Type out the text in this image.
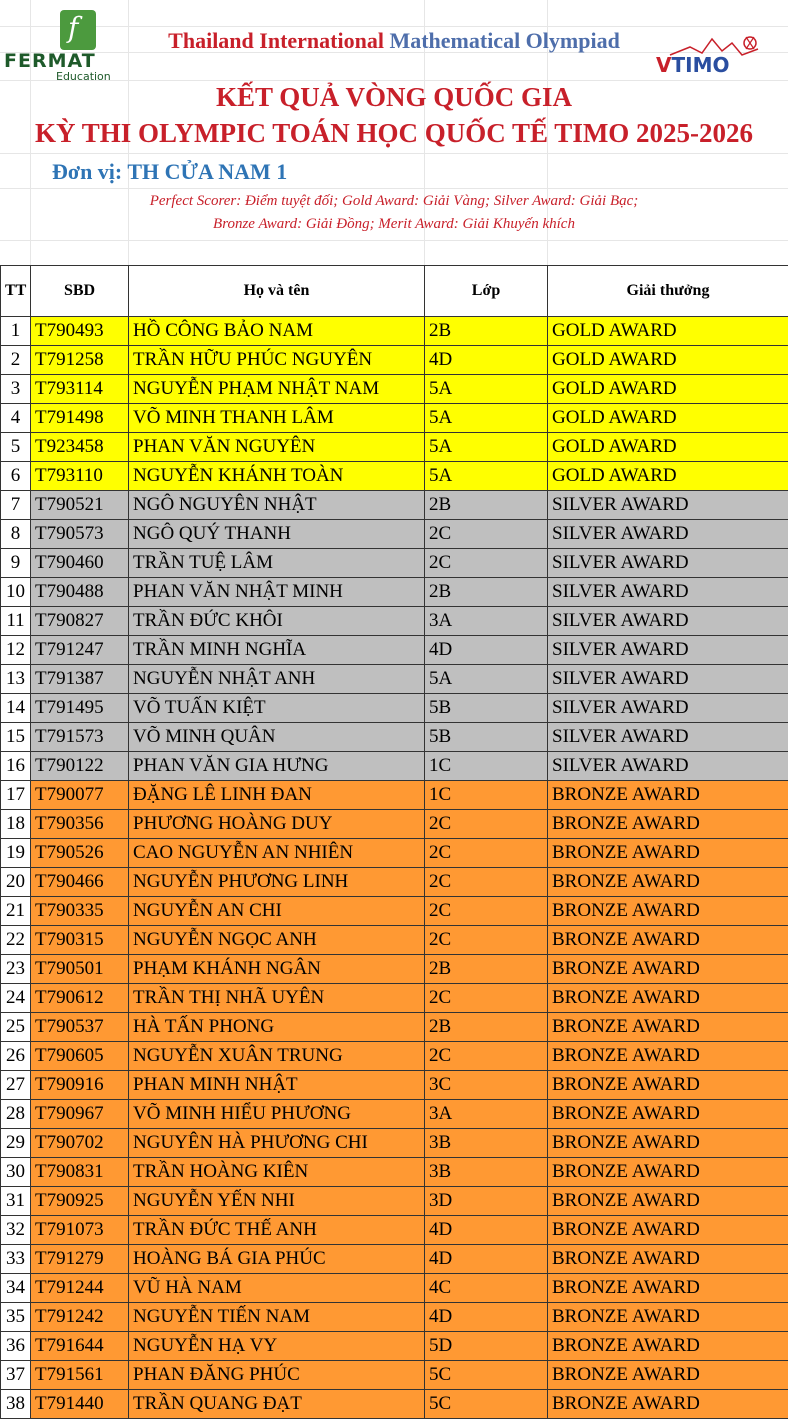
f
FERMAT
Education
Thailand International Mathematical Olympiad
VTIMO
KẾT QUẢ VÒNG QUỐC GIA
KỲ THI OLYMPIC TOÁN HỌC QUỐC TẾ TIMO 2025-2026
Đơn vị: TH CỬA NAM 1
Perfect Scorer: Điểm tuyệt đối; Gold Award: Giải Vàng; Silver Award: Giải Bạc;
Bronze Award: Giải Đồng; Merit Award: Giải Khuyến khích
TT	SBD	Họ và tên	Lớp	Giải thưởng
1	T790493	HỒ CÔNG BẢO NAM	2B	GOLD AWARD
2	T791258	TRẦN HỮU PHÚC NGUYÊN	4D	GOLD AWARD
3	T793114	NGUYỄN PHẠM NHẬT NAM	5A	GOLD AWARD
4	T791498	VÕ MINH THANH LÂM	5A	GOLD AWARD
5	T923458	PHAN VĂN NGUYÊN	5A	GOLD AWARD
6	T793110	NGUYỄN KHÁNH TOÀN	5A	GOLD AWARD
7	T790521	NGÔ NGUYÊN NHẬT	2B	SILVER AWARD
8	T790573	NGÔ QUÝ THANH	2C	SILVER AWARD
9	T790460	TRẦN TUỆ LÂM	2C	SILVER AWARD
10	T790488	PHAN VĂN NHẬT MINH	2B	SILVER AWARD
11	T790827	TRẦN ĐỨC KHÔI	3A	SILVER AWARD
12	T791247	TRẦN MINH NGHĨA	4D	SILVER AWARD
13	T791387	NGUYỄN NHẬT ANH	5A	SILVER AWARD
14	T791495	VÕ TUẤN KIỆT	5B	SILVER AWARD
15	T791573	VÕ MINH QUÂN	5B	SILVER AWARD
16	T790122	PHAN VĂN GIA HƯNG	1C	SILVER AWARD
17	T790077	ĐẶNG LÊ LINH ĐAN	1C	BRONZE AWARD
18	T790356	PHƯƠNG HOÀNG DUY	2C	BRONZE AWARD
19	T790526	CAO NGUYỄN AN NHIÊN	2C	BRONZE AWARD
20	T790466	NGUYỄN PHƯƠNG LINH	2C	BRONZE AWARD
21	T790335	NGUYỄN AN CHI	2C	BRONZE AWARD
22	T790315	NGUYỄN NGỌC ANH	2C	BRONZE AWARD
23	T790501	PHẠM KHÁNH NGÂN	2B	BRONZE AWARD
24	T790612	TRẦN THỊ NHÃ UYÊN	2C	BRONZE AWARD
25	T790537	HÀ TẤN PHONG	2B	BRONZE AWARD
26	T790605	NGUYỄN XUÂN TRUNG	2C	BRONZE AWARD
27	T790916	PHAN MINH NHẬT	3C	BRONZE AWARD
28	T790967	VÕ MINH HIỂU PHƯƠNG	3A	BRONZE AWARD
29	T790702	NGUYÊN HÀ PHƯƠNG CHI	3B	BRONZE AWARD
30	T790831	TRẦN HOÀNG KIÊN	3B	BRONZE AWARD
31	T790925	NGUYỄN YẾN NHI	3D	BRONZE AWARD
32	T791073	TRẦN ĐỨC THẾ ANH	4D	BRONZE AWARD
33	T791279	HOÀNG BÁ GIA PHÚC	4D	BRONZE AWARD
34	T791244	VŨ HÀ NAM	4C	BRONZE AWARD
35	T791242	NGUYỄN TIẾN NAM	4D	BRONZE AWARD
36	T791644	NGUYỄN HẠ VY	5D	BRONZE AWARD
37	T791561	PHAN ĐĂNG PHÚC	5C	BRONZE AWARD
38	T791440	TRẦN QUANG ĐẠT	5C	BRONZE AWARD
